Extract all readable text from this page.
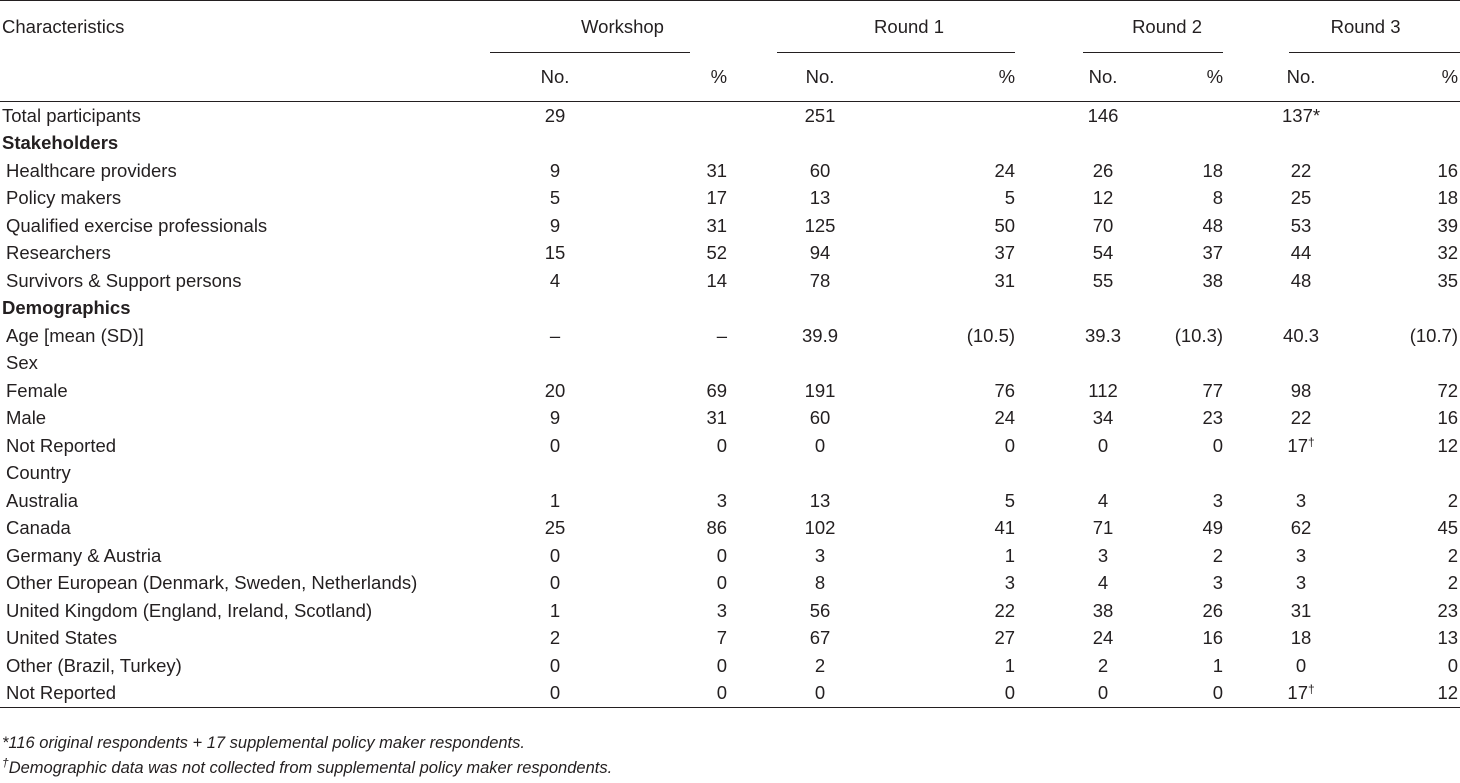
Characteristics	Workshop		Round 1		Round 2		Round 3	

	No.	%	No.	%	No.	%	No.	%
Total participants	29		251		146		137*	
Stakeholders								
Healthcare providers	9	31	60	24	26	18	22	16
Policy makers	5	17	13	5	12	8	25	18
Qualified exercise professionals	9	31	125	50	70	48	53	39
Researchers	15	52	94	37	54	37	44	32
Survivors & Support persons	4	14	78	31	55	38	48	35
Demographics								
Age [mean (SD)]	–	–	39.9	(10.5)	39.3	(10.3)	40.3	(10.7)
Sex								
Female	20	69	191	76	112	77	98	72
Male	9	31	60	24	34	23	22	16
Not Reported	0	0	0	0	0	0	17†	12
Country								
Australia	1	3	13	5	4	3	3	2
Canada	25	86	102	41	71	49	62	45
Germany & Austria	0	0	3	1	3	2	3	2
Other European (Denmark, Sweden, Netherlands)	0	0	8	3	4	3	3	2
United Kingdom (England, Ireland, Scotland)	1	3	56	22	38	26	31	23
United States	2	7	67	27	24	16	18	13
Other (Brazil, Turkey)	0	0	2	1	2	1	0	0
Not Reported	0	0	0	0	0	0	17†	12
*116 original respondents + 17 supplemental policy maker respondents.
†Demographic data was not collected from supplemental policy maker respondents.
